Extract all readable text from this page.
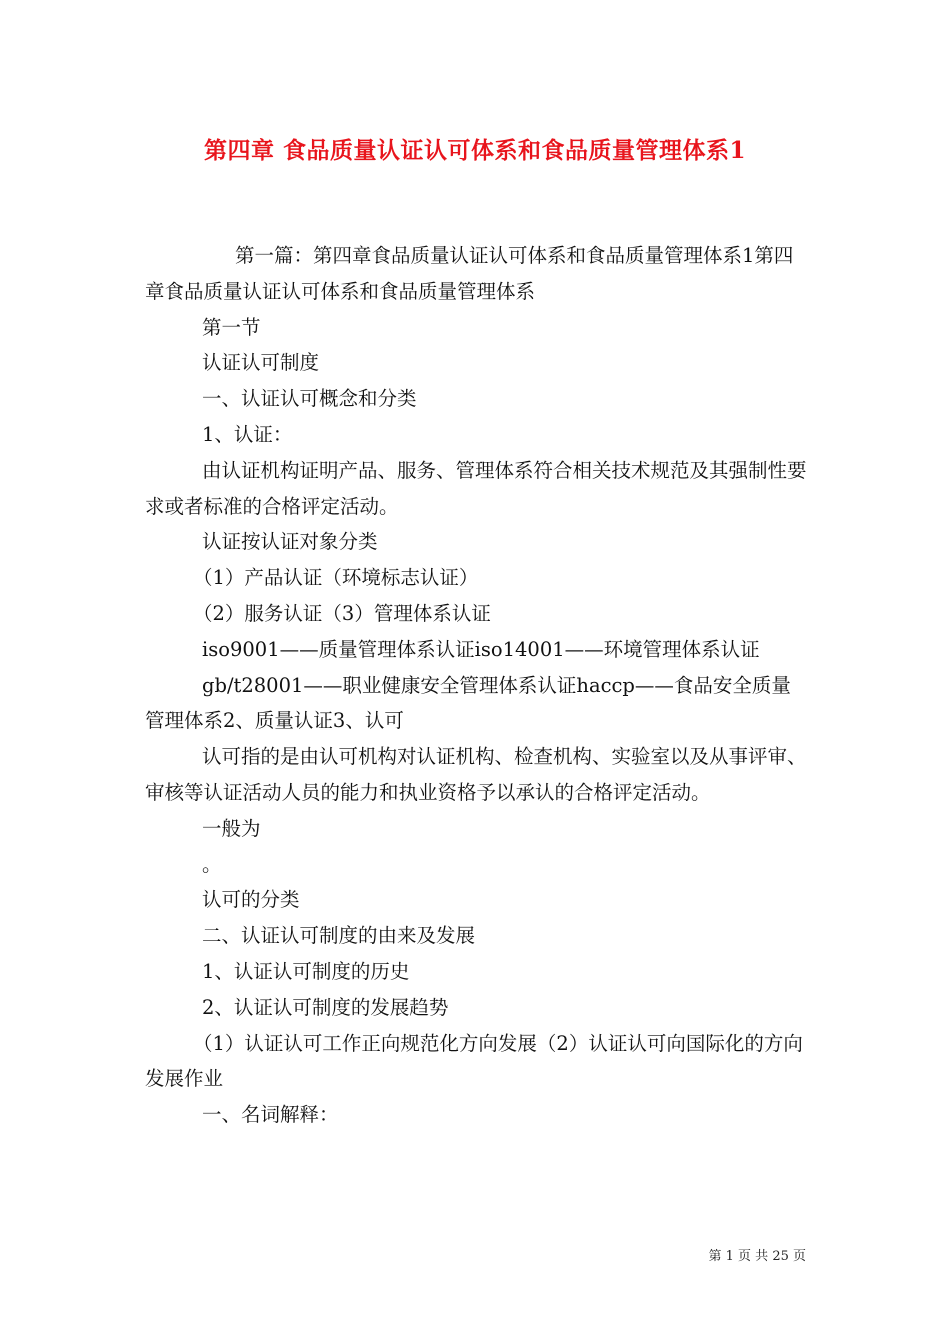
第四章 食品质量认证认可体系和食品质量管理体系1

第一篇：第四章食品质量认证认可体系和食品质量管理体系1第四章食品质量认证认可体系和食品质量管理体系

第一节

认证认可制度

一、认证认可概念和分类

1、认证：

由认证机构证明产品、服务、管理体系符合相关技术规范及其强制性要求或者标准的合格评定活动。

认证按认证对象分类

（1）产品认证（环境标志认证）

（2）服务认证（3）管理体系认证

iso9001——质量管理体系认证iso14001——环境管理体系认证

gb/t28001——职业健康安全管理体系认证haccp——食品安全质量管理体系2、质量认证3、认可

认可指的是由认可机构对认证机构、检查机构、实验室以及从事评审、审核等认证活动人员的能力和执业资格予以承认的合格评定活动。

一般为

。

认可的分类

二、认证认可制度的由来及发展

1、认证认可制度的历史

2、认证认可制度的发展趋势

（1）认证认可工作正向规范化方向发展（2）认证认可向国际化的方向发展作业

一、名词解释：

第 1 页 共 25 页
